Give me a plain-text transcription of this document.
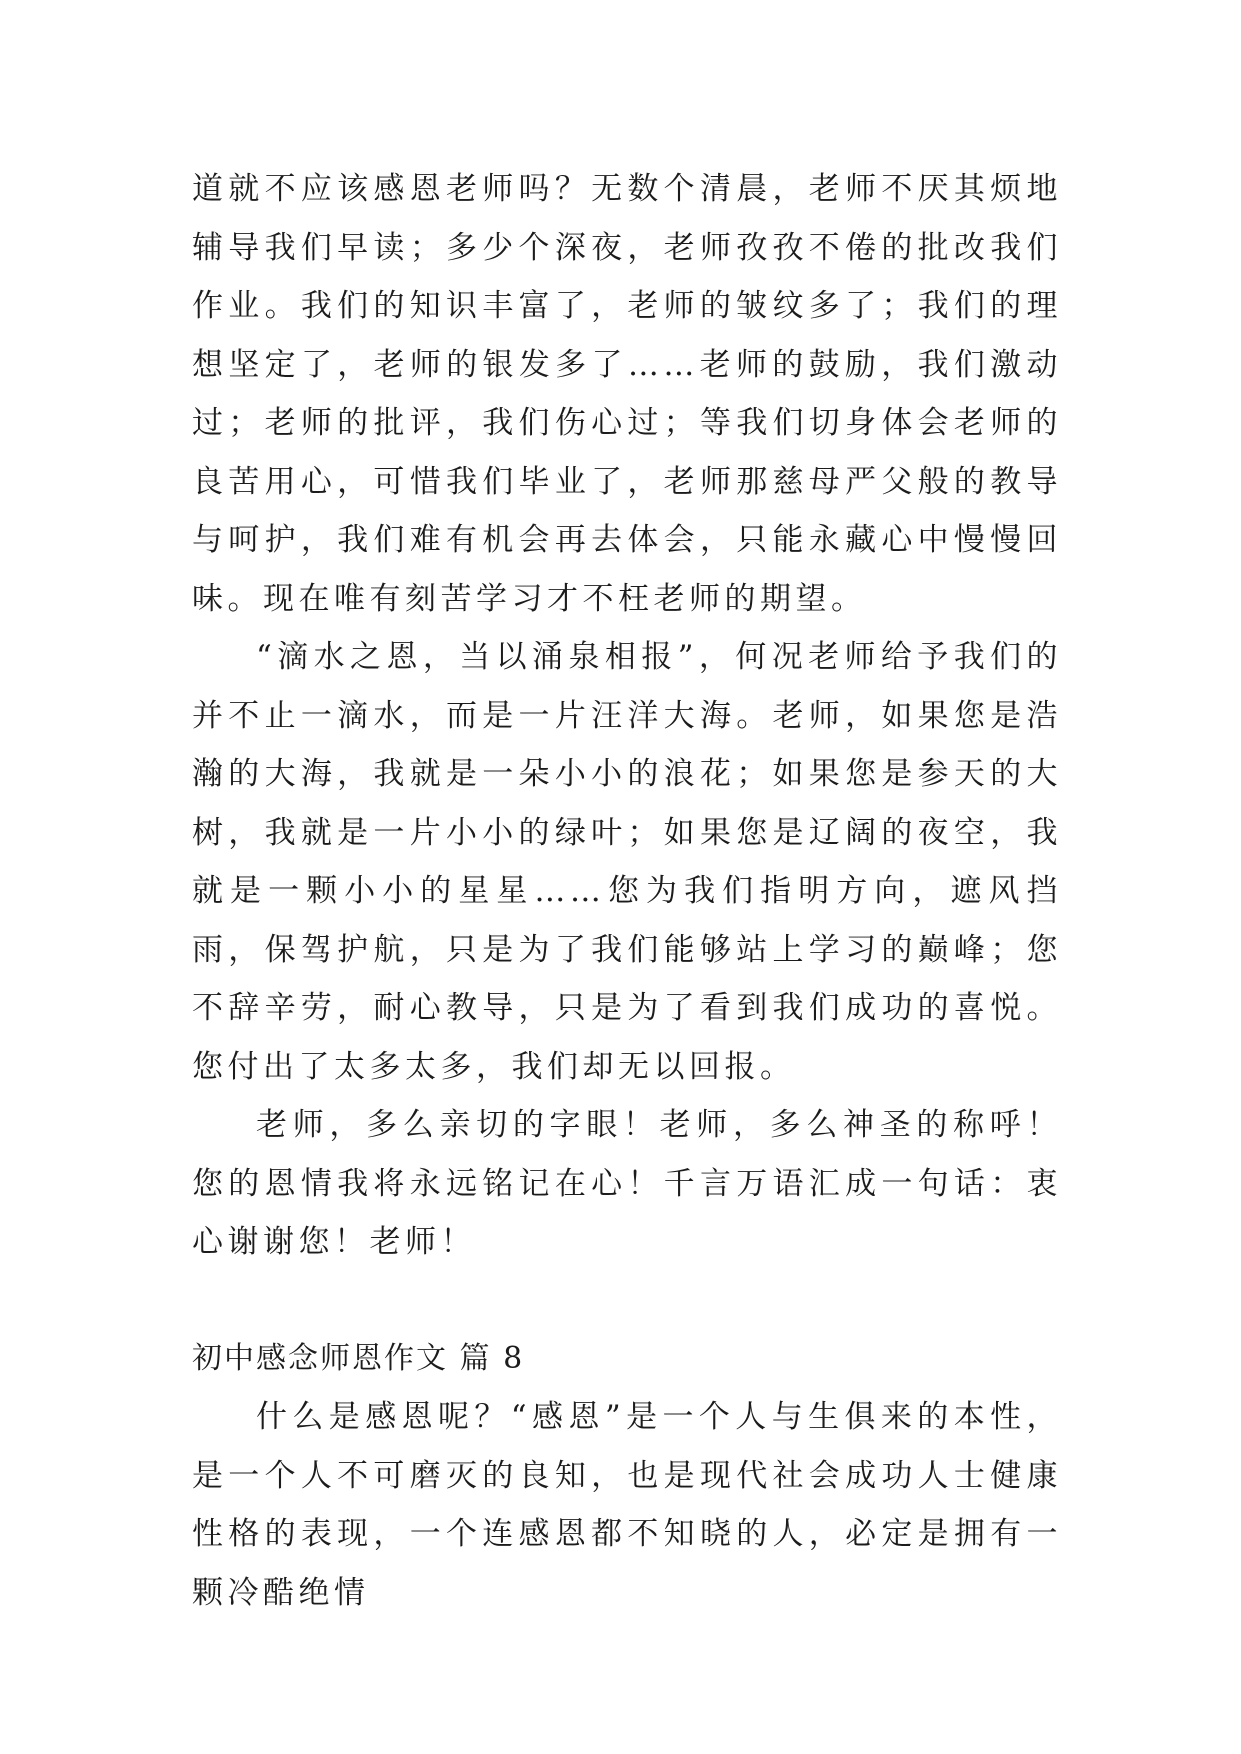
道就不应该感恩老师吗？无数个清晨，老师不厌其烦地辅导我们早读；多少个深夜，老师孜孜不倦的批改我们作业。我们的知识丰富了，老师的皱纹多了；我们的理想坚定了，老师的银发多了……老师的鼓励，我们激动过；老师的批评，我们伤心过；等我们切身体会老师的良苦用心，可惜我们毕业了，老师那慈母严父般的教导与呵护，我们难有机会再去体会，只能永藏心中慢慢回味。现在唯有刻苦学习才不枉老师的期望。

“滴水之恩，当以涌泉相报”，何况老师给予我们的并不止一滴水，而是一片汪洋大海。老师，如果您是浩瀚的大海，我就是一朵小小的浪花；如果您是参天的大树，我就是一片小小的绿叶；如果您是辽阔的夜空，我就是一颗小小的星星……您为我们指明方向，遮风挡雨，保驾护航，只是为了我们能够站上学习的巅峰；您不辞辛劳，耐心教导，只是为了看到我们成功的喜悦。您付出了太多太多，我们却无以回报。

老师，多么亲切的字眼！老师，多么神圣的称呼！您的恩情我将永远铭记在心！千言万语汇成一句话：衷心谢谢您！老师！

初中感念师恩作文 篇 8

什么是感恩呢？“感恩”是一个人与生俱来的本性，是一个人不可磨灭的良知，也是现代社会成功人士健康性格的表现，一个连感恩都不知晓的人，必定是拥有一颗冷酷绝情
